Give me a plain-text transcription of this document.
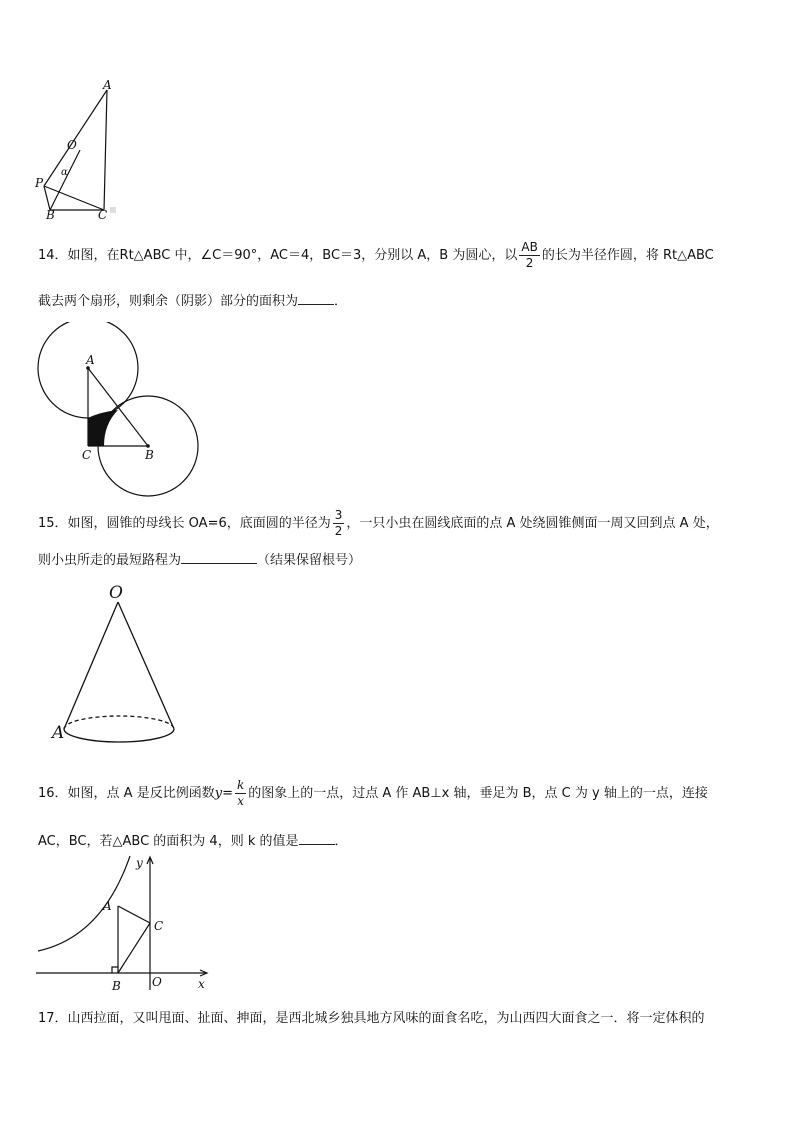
A
O
P
α
B	C
14．如图，在Rt△ABC 中，∠C＝90°，AC＝4，BC＝3，分别以 A，B 为圆心，以 $\frac{AB}{2}$ 的长为半径作圆，将 Rt△ABC
截去两个扇形，则剩余（阴影）部分的面积为	．
A
C	B
15．如图，圆锥的母线长 OA=6，底面圆的半径为 $\frac{3}{2}$ ，一只小虫在圆线底面的点 A 处绕圆锥侧面一周又回到点 A 处，
则小虫所走的最短路程为	（结果保留根号）
O
A
16．如图，点 A 是反比例函数$y= \frac{k}{x}$ 的图象上的一点，过点 A 作 AB⊥x 轴，垂足为 B，点 C 为 y 轴上的一点，连接
AC，BC，若△ABC 的面积为 4，则 k 的值是	．
y
A
C
B	O	x
17．山西拉面，又叫甩面、扯面、抻面，是西北城乡独具地方风味的面食名吃，为山西四大面食之一．将一定体积的
